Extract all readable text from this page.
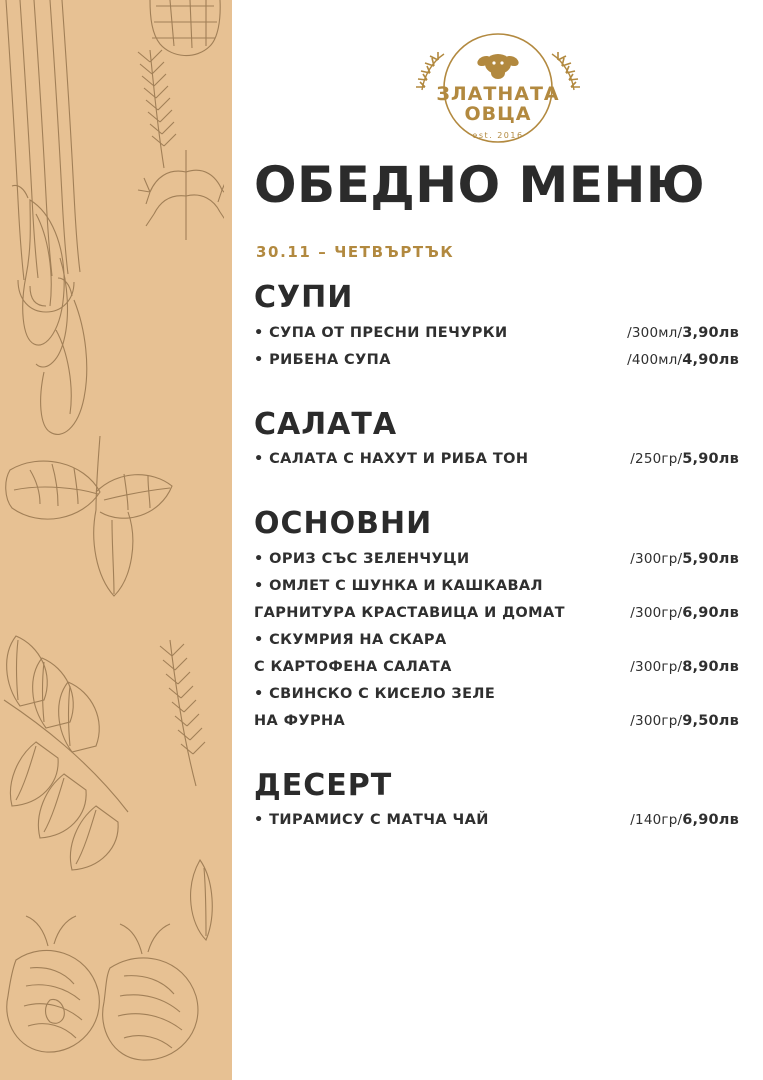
ЗЛАТНАТА
ОВЦА
est. 2016
ОБЕДНО МЕНЮ
30.11 – ЧЕТВЪРТЪК
СУПИ
• СУПА ОТ ПРЕСНИ ПЕЧУРКИ	/300мл/3,90лв
• РИБЕНА СУПА	/400мл/4,90лв
САЛАТА
• САЛАТА С НАХУТ И РИБА ТОН	/250гр/5,90лв
ОСНОВНИ
• ОРИЗ СЪС ЗЕЛЕНЧУЦИ	/300гр/5,90лв
• ОМЛЕТ С ШУНКА И КАШКАВАЛ
ГАРНИТУРА КРАСТАВИЦА И ДОМАТ	/300гр/6,90лв
• СКУМРИЯ НА СКАРА
С КАРТОФЕНА САЛАТА	/300гр/8,90лв
• СВИНСКО С КИСЕЛО ЗЕЛЕ
НА ФУРНА	/300гр/9,50лв
ДЕСЕРТ
• ТИРАМИСУ С МАТЧА ЧАЙ	/140гр/6,90лв
